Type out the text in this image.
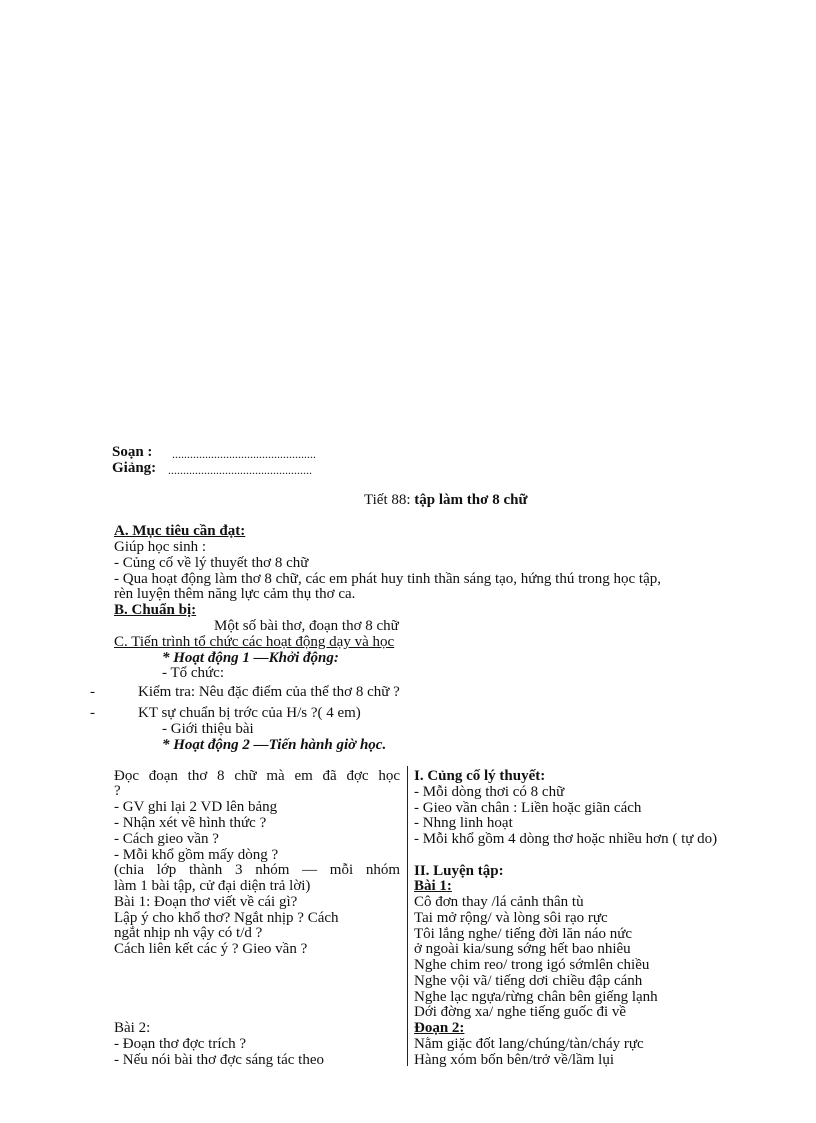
Soạn : ................................................
Giảng: ................................................
Tiết 88: tập làm thơ 8 chữ
A. Mục tiêu cần đạt:
Giúp học sinh :
- Củng cố về lý thuyết thơ 8 chữ
- Qua hoạt động làm thơ 8 chữ, các em phát huy tinh thần sáng tạo, hứng thú trong học tập,
rèn luyện thêm năng lực cảm thụ thơ ca.
B. Chuẩn bị:
Một số bài thơ, đoạn thơ 8 chữ
C. Tiến trình tổ chức các hoạt động dạy và học
* Hoạt động 1 —Khởi động:
- Tổ chức:
-	Kiểm tra: Nêu đặc điểm của thể thơ 8 chữ ?
-	KT sự chuẩn bị trớc của H/s ?( 4 em)
- Giới thiệu bài
* Hoạt động 2 —Tiến hành giờ học.
Đọc đoạn thơ 8 chữ mà em đã đợc học
?
- GV ghi lại 2 VD lên bảng
- Nhận xét về hình thức ?
- Cách gieo vần ?
- Mỗi khổ gồm mấy dòng ?
(chia lớp thành 3 nhóm — mỗi nhóm
làm 1 bài tập, cử đại diện trả lời)
Bài 1: Đoạn thơ viết về cái gì?
Lập ý cho khổ thơ? Ngắt nhịp ? Cách
ngắt nhịp nh vậy có t/d ?
Cách liên kết các ý ? Gieo vần ?
Bài 2:
- Đoạn thơ đợc trích ?
- Nếu nói bài thơ đợc sáng tác theo
I. Củng cố lý thuyết:
- Mỗi dòng thơi có 8 chữ
- Gieo vần chân : Liền hoặc giãn cách
- Nhng linh hoạt
- Mỗi khổ gồm 4 dòng thơ hoặc nhiều hơn ( tự do)
II. Luyện tập:
Bài 1:
Cô đơn thay /lá cảnh thân tù
Tai mở rộng/ và lòng sôi rạo rực
Tôi lắng nghe/ tiếng đời lăn náo nức
ở ngoài kia/sung sớng hết bao nhiêu
Nghe chim reo/ trong igó sớmlên chiều
Nghe vội vã/ tiếng dơi chiều đập cánh
Nghe lạc ngựa/rừng chân bên giếng lạnh
Dới đờng xa/ nghe tiếng guốc đi về
Đoạn 2:
Nằm giặc đốt lang/chúng/tàn/cháy rực
Hàng xóm bốn bên/trở về/lầm lụi
